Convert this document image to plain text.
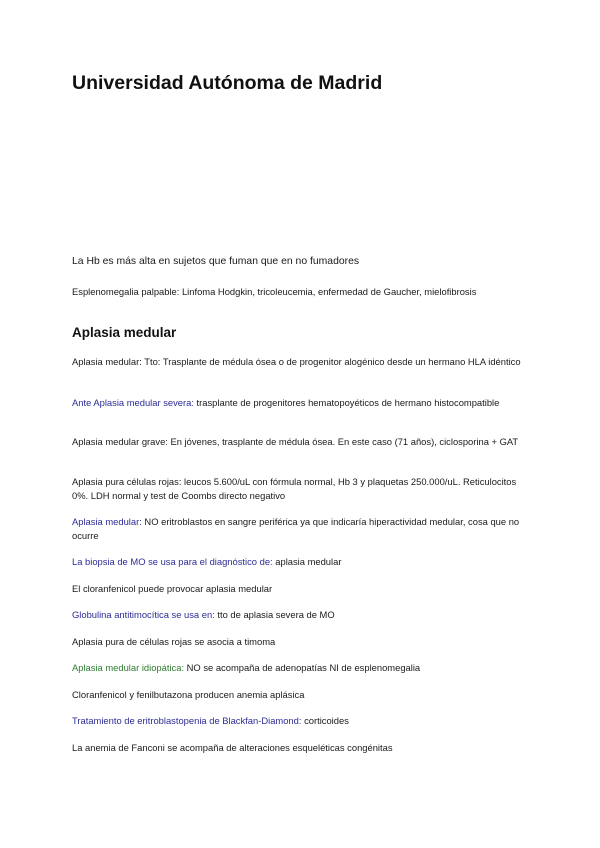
Universidad Autónoma de Madrid

La Hb es más alta en sujetos que fuman que en no fumadores

Esplenomegalia palpable: Linfoma Hodgkin, tricoleucemia, enfermedad de Gaucher, mielofibrosis

Aplasia medular

Aplasia medular: Tto: Trasplante de médula ósea o de progenitor alogénico desde un hermano HLA idéntico

Ante Aplasia medular severa: trasplante de progenitores hematopoyéticos de hermano histocompatible

Aplasia medular grave: En jóvenes, trasplante de médula ósea. En este caso (71 años), ciclosporina + GAT

Aplasia pura células rojas: leucos 5.600/uL con fórmula normal, Hb 3 y plaquetas 250.000/uL. Reticulocitos 0%. LDH normal y test de Coombs directo negativo

Aplasia medular: NO eritroblastos en sangre periférica ya que indicaría hiperactividad medular, cosa que no ocurre

La biopsia de MO se usa para el diagnóstico de: aplasia medular

El cloranfenicol puede provocar aplasia medular

Globulina antitimocítica se usa en: tto de aplasia severa de MO

Aplasia pura de células rojas se asocia a timoma

Aplasia medular idiopática: NO se acompaña de adenopatías NI de esplenomegalia

Cloranfenicol y fenilbutazona producen anemia aplásica

Tratamiento de eritroblastopenia de Blackfan-Diamond: corticoides

La anemia de Fanconi se acompaña de alteraciones esqueléticas congénitas
